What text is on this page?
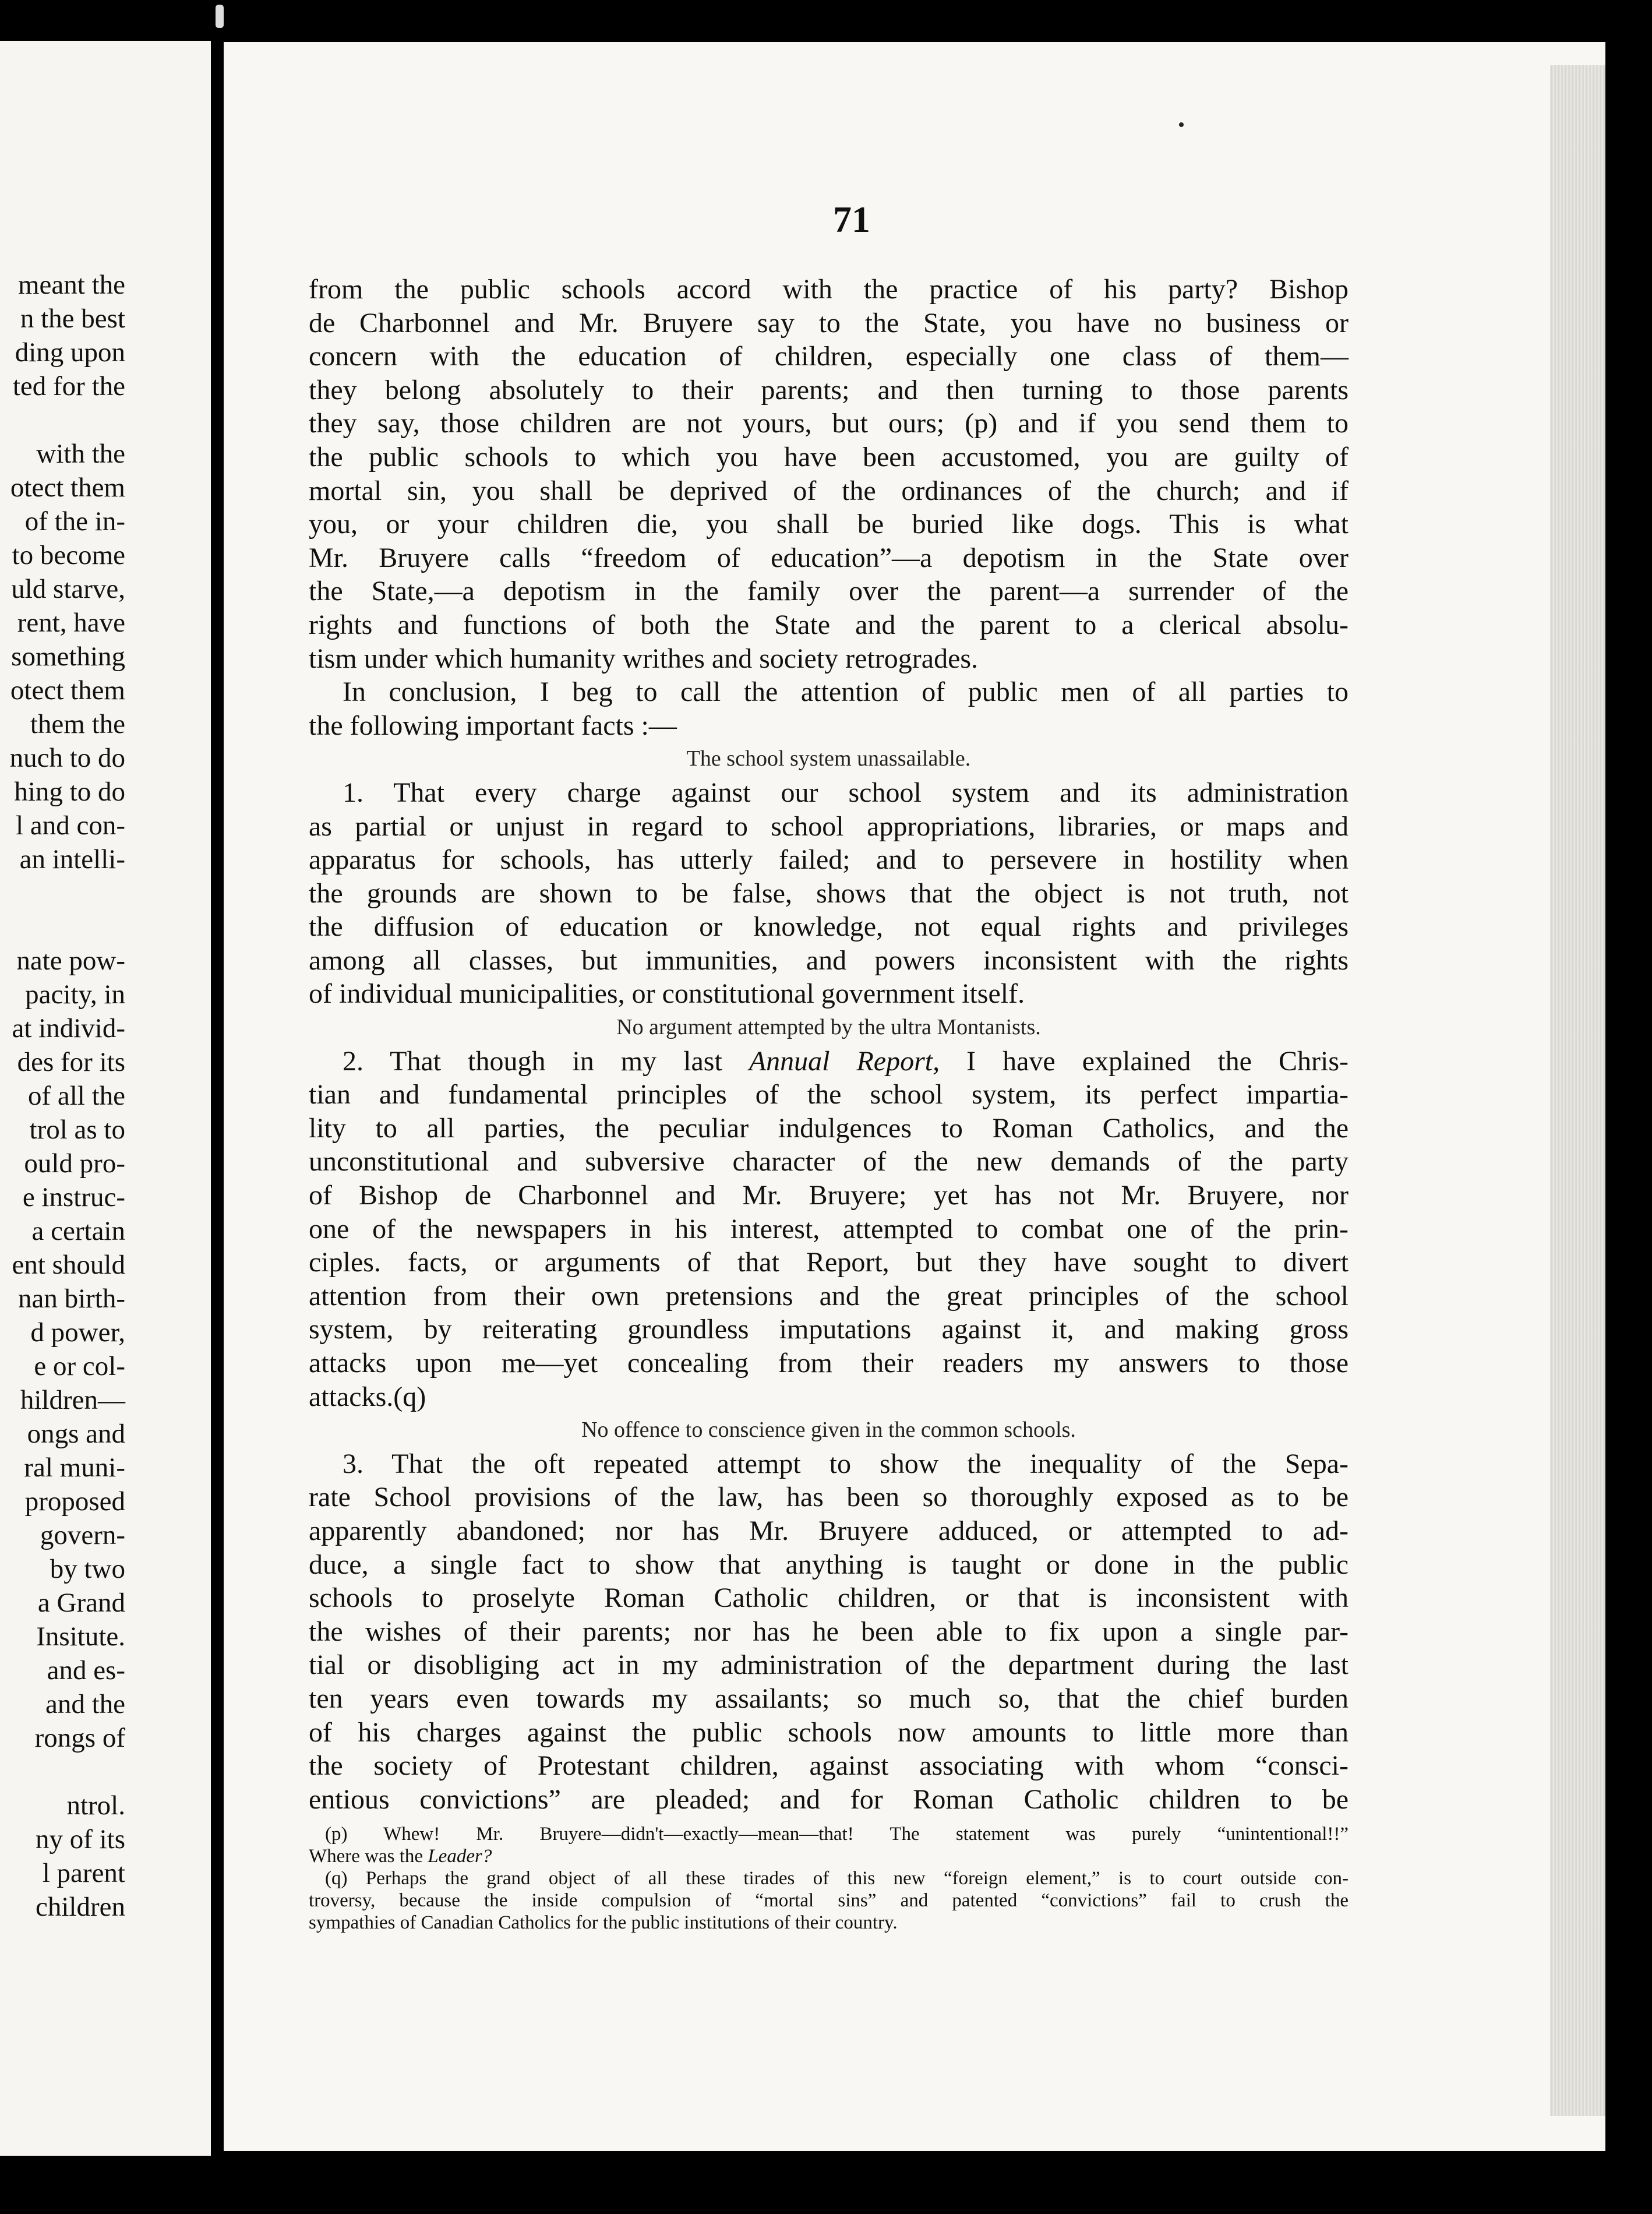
meant the
n the best
ding upon
ted for the
with the
otect them
of the in-
to become
uld starve,
rent, have
something
otect them
them the
nuch to do
hing to do
l and con-
an intelli-
nate pow-
pacity, in
at individ-
des for its
of all the
trol as to
ould pro-
e instruc-
a certain
ent should
nan birth-
d power,
e or col-
hildren—
ongs and
ral muni-
proposed
govern-
by two
a Grand
Insitute.
and es-
and the
rongs of
ntrol.
ny of its
l parent
children
71
from the public schools accord with the practice of his party? Bishop
de Charbonnel and Mr. Bruyere say to the State, you have no business or
concern with the education of children, especially one class of them—
they belong absolutely to their parents; and then turning to those parents
they say, those children are not yours, but ours; (p) and if you send them to
the public schools to which you have been accustomed, you are guilty of
mortal sin, you shall be deprived of the ordinances of the church; and if
you, or your children die, you shall be buried like dogs. This is what
Mr. Bruyere calls “freedom of education”—a depotism in the State over
the State,—a depotism in the family over the parent—a surrender of the
rights and functions of both the State and the parent to a clerical absolu-
tism under which humanity writhes and society retrogrades.
In conclusion, I beg to call the attention of public men of all parties to
the following important facts :—
The school system unassailable.
1. That every charge against our school system and its administration
as partial or unjust in regard to school appropriations, libraries, or maps and
apparatus for schools, has utterly failed; and to persevere in hostility when
the grounds are shown to be false, shows that the object is not truth, not
the diffusion of education or knowledge, not equal rights and privileges
among all classes, but immunities, and powers inconsistent with the rights
of individual municipalities, or constitutional government itself.
No argument attempted by the ultra Montanists.
2. That though in my last Annual Report, I have explained the Chris-
tian and fundamental principles of the school system, its perfect impartia-
lity to all parties, the peculiar indulgences to Roman Catholics, and the
unconstitutional and subversive character of the new demands of the party
of Bishop de Charbonnel and Mr. Bruyere; yet has not Mr. Bruyere, nor
one of the newspapers in his interest, attempted to combat one of the prin-
ciples. facts, or arguments of that Report, but they have sought to divert
attention from their own pretensions and the great principles of the school
system, by reiterating groundless imputations against it, and making gross
attacks upon me—yet concealing from their readers my answers to those
attacks.(q)
No offence to conscience given in the common schools.
3. That the oft repeated attempt to show the inequality of the Sepa-
rate School provisions of the law, has been so thoroughly exposed as to be
apparently abandoned; nor has Mr. Bruyere adduced, or attempted to ad-
duce, a single fact to show that anything is taught or done in the public
schools to proselyte Roman Catholic children, or that is inconsistent with
the wishes of their parents; nor has he been able to fix upon a single par-
tial or disobliging act in my administration of the department during the last
ten years even towards my assailants; so much so, that the chief burden
of his charges against the public schools now amounts to little more than
the society of Protestant children, against associating with whom “consci-
entious convictions” are pleaded; and for Roman Catholic children to be
(p) Whew! Mr. Bruyere—didn't—exactly—mean—that! The statement was purely “unintentional!!”
Where was the Leader?
(q) Perhaps the grand object of all these tirades of this new “foreign element,” is to court outside con-
troversy, because the inside compulsion of “mortal sins” and patented “convictions” fail to crush the
sympathies of Canadian Catholics for the public institutions of their country.
